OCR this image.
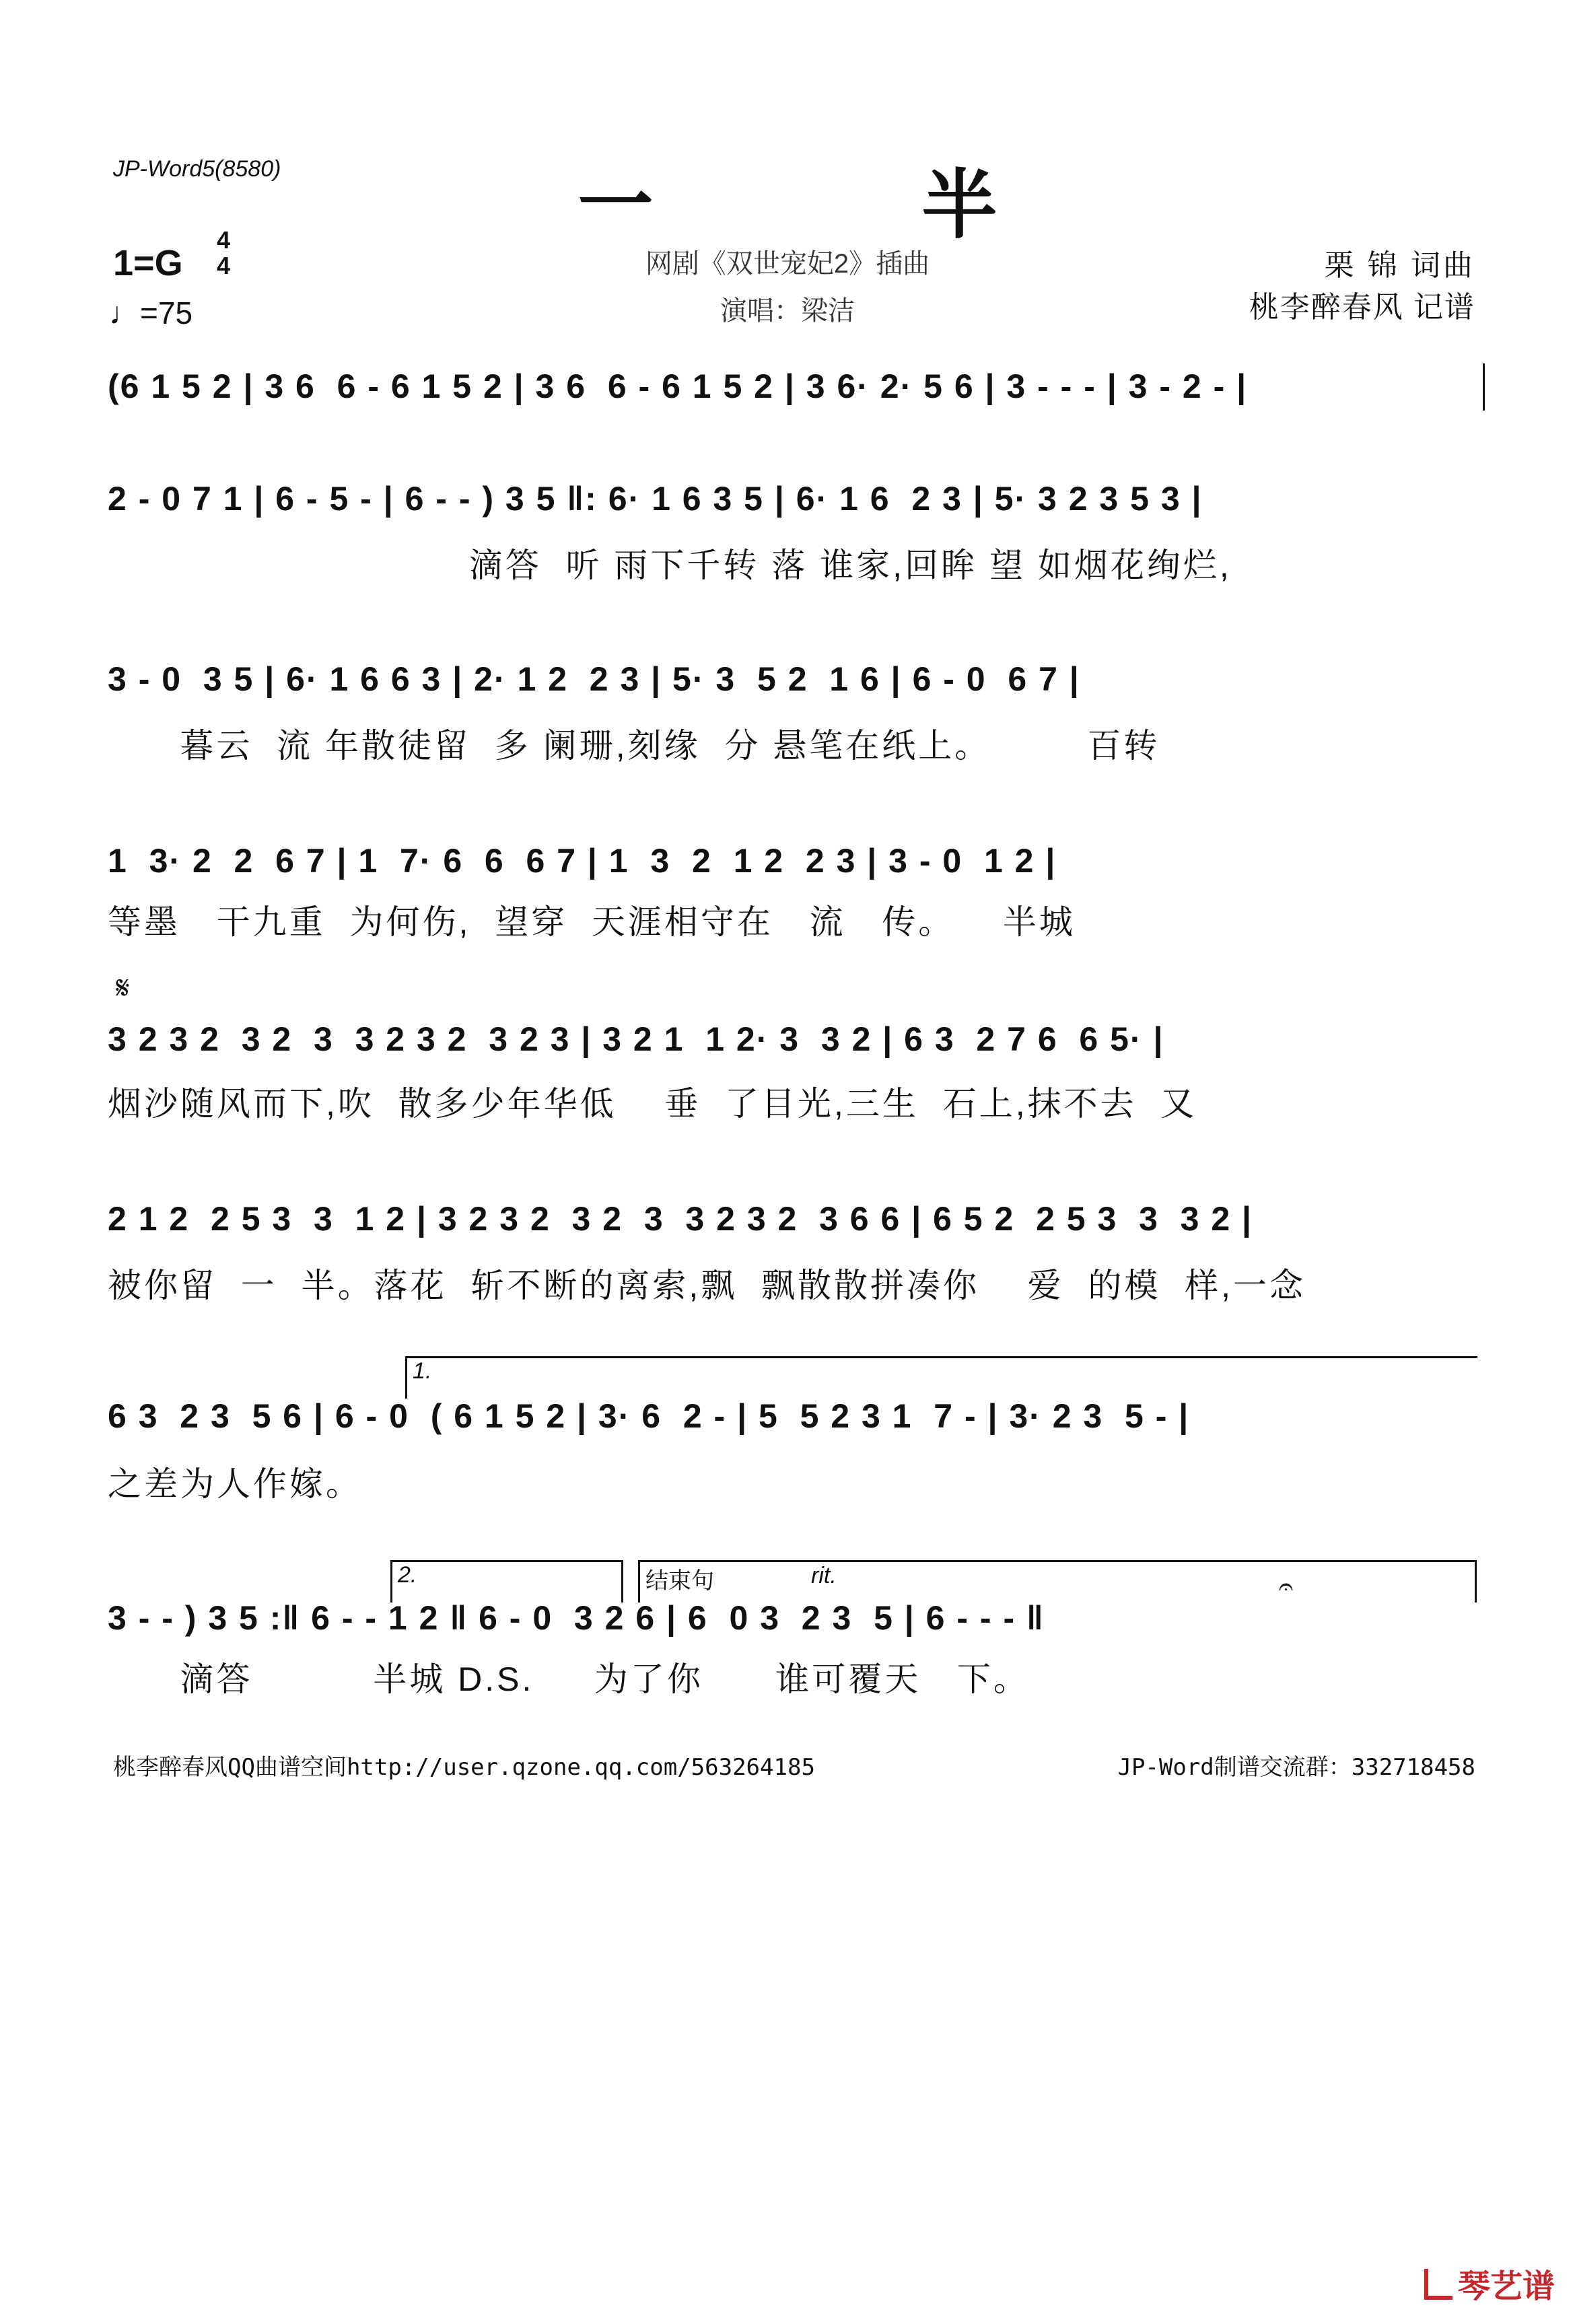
JP-Word5(8580)	一 半
1=G
4
4
♩=75
网剧《双世宠妃2》插曲
演唱：梁洁
栗 锦 词曲
桃李醉春风 记谱
(6 1 5 2 | 3 6  6 - 6 1 5 2 | 3 6  6 - 6 1 5 2 | 3 6· 2· 5 6 | 3 - - - | 3 - 2 - |
2 - 0 7 1 | 6 - 5 - | 6 - - ) 3 5 ‖: 6· 1 6 3 5 | 6· 1 6  2 3 | 5· 3 2 3 5 3 |
滴答  听 雨下千转 落 谁家,回眸 望 如烟花绚烂,
3 - 0  3 5 | 6· 1 6 6 3 | 2· 1 2  2 3 | 5· 3  5 2  1 6 | 6 - 0  6 7 |
暮云  流 年散徒留  多 阑珊,刻缘  分 悬笔在纸上。        百转
1  3· 2  2  6 7 | 1  7· 6  6  6 7 | 1  3  2  1 2  2 3 | 3 - 0  1 2 |
等墨   干九重  为何伤,  望穿  天涯相守在   流   传。    半城
𝄋
3 2 3 2  3 2  3  3 2 3 2  3 2 3 | 3 2 1  1 2· 3  3 2 | 6 3  2 7 6  6 5· |
烟沙随风而下,吹  散多少年华低    垂  了目光,三生  石上,抹不去  又
2 1 2  2 5 3  3  1 2 | 3 2 3 2  3 2  3  3 2 3 2  3 6 6 | 6 5 2  2 5 3  3  3 2 |
被你留  一  半。落花  斩不断的离索,飘  飘散散拼凑你    爱  的模  样,一念
1.
6 3  2 3  5 6 | 6 - 0  ( 6 1 5 2 | 3· 6  2 - | 5  5 2 3 1  7 - | 3· 2 3  5 - |
之差为人作嫁。
2.	结束句	rit.	𝄐
3 - - ) 3 5 :‖ 6 - - 1 2 ‖ 6 - 0  3 2 6 | 6  0 3  2 3  5 | 6 - - - ‖
滴答          半城 D.S.     为了你      谁可覆天   下。
桃李醉春风QQ曲谱空间http://user.qzone.qq.com/563264185	JP-Word制谱交流群：332718458
琴艺谱
